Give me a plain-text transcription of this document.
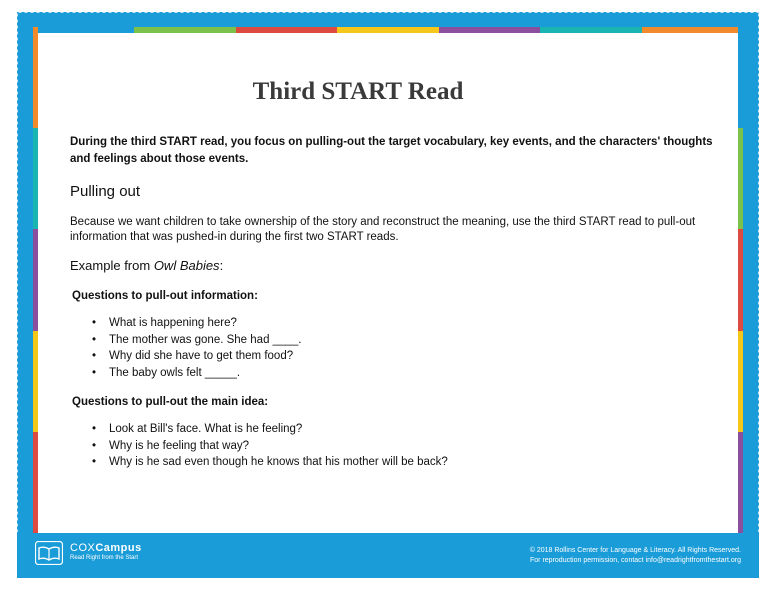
Third START Read
During the third START read, you focus on pulling-out the target vocabulary, key events, and the characters' thoughts and feelings about those events.
Pulling out
Because we want children to take ownership of the story and reconstruct the meaning, use the third START read to pull-out information that was pushed-in during the first two START reads.
Example from Owl Babies:
Questions to pull-out information:
• What is happening here?
• The mother was gone. She had ____.
• Why did she have to get them food?
• The baby owls felt _____.
Questions to pull-out the main idea:
• Look at Bill's face. What is he feeling?
• Why is he feeling that way?
• Why is he sad even though he knows that his mother will be back?
COXCampus
Read Right from the Start
© 2018 Rollins Center for Language & Literacy. All Rights Reserved.
For reproduction permission, contact info@readrightfromthestart.org
